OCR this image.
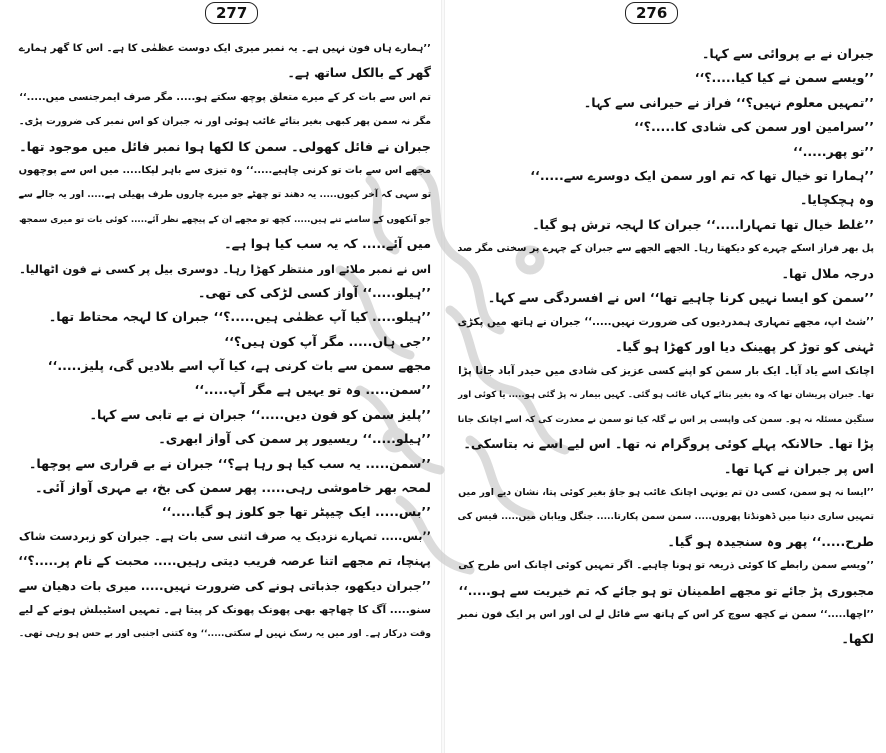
277
’’ہمارے ہاں فون نہیں ہے۔ یہ نمبر میری ایک دوست عظمٰی کا ہے۔ اس کا گھر ہمارے
گھر کے بالکل ساتھ ہے۔
تم اس سے بات کر کے میرے متعلق پوچھ سکتے ہو..... مگر صرف ایمرجنسی میں.....‘‘
مگر نہ سمن پھر کبھی بغیر بتائے غائب ہوئی اور نہ جبران کو اس نمبر کی ضرورت پڑی۔
جبران نے فائل کھولی۔ سمن کا لکھا ہوا نمبر فائل میں موجود تھا۔
مجھے اس سے بات تو کرنی چاہیے.....‘‘ وہ تیزی سے باہر لپکا..... میں اس سے پوچھوں
تو سہی کہ آخر کیوں..... یہ دھند تو چھٹے جو میرے چاروں طرف پھیلی ہے..... اور یہ جالے سے
جو آنکھوں کے سامنے تنے ہیں..... کچھ تو مجھے ان کے پیچھے نظر آئے..... کوئی بات تو میری سمجھ
میں آئے..... کہ یہ سب کیا ہوا ہے۔
اس نے نمبر ملائے اور منتظر کھڑا رہا۔ دوسری بیل پر کسی نے فون اٹھالیا۔
’’ہیلو.....‘‘ آواز کسی لڑکی کی تھی۔
’’ہیلو..... کیا آپ عظمٰی ہیں.....؟‘‘ جبران کا لہجہ محتاط تھا۔
’’جی ہاں..... مگر آپ کون ہیں؟‘‘
مجھے سمن سے بات کرنی ہے، کیا آپ اسے بلادیں گی، پلیز.....‘‘
’’سمن..... وہ تو یہیں ہے مگر آپ.....‘‘
’’پلیز سمن کو فون دیں.....‘‘ جبران نے بے تابی سے کہا۔
’’ہیلو.....‘‘ ریسیور پر سمن کی آواز ابھری۔
’’سمن..... یہ سب کیا ہو رہا ہے؟‘‘ جبران نے بے قراری سے پوچھا۔
لمحہ بھر خاموشی رہی..... پھر سمن کی بخ، بے مہری آواز آئی۔
’’بس..... ایک چیپٹر تھا جو کلوز ہو گیا.....‘‘
’’بس..... تمہارے نزدیک یہ صرف اتنی سی بات ہے۔ جبران کو زبردست شاک
پہنچا، تم مجھے اتنا عرصہ فریب دیتی رہیں..... محبت کے نام پر.....؟‘‘
’’جبران دیکھو، جذباتی ہونے کی ضرورت نہیں..... میری بات دھیان سے
سنو..... آگ کا چھاچھ بھی پھونک پھونک کر پیتا ہے۔ تمہیں اسٹیبلش ہونے کے لیے
وقت درکار ہے۔ اور میں یہ رسک نہیں لے سکتی.....‘‘ وہ کتنی اجنبی اور بے حس ہو رہی تھی۔
276
جبران نے بے پروائی سے کہا۔
’’ویسے سمن نے کیا کیا.....؟‘‘
’’تمہیں معلوم نہیں؟‘‘ فراز نے حیرانی سے کہا۔
’’سرامین اور سمن کی شادی کا.....؟‘‘
’’تو پھر.....‘‘
’’ہمارا تو خیال تھا کہ تم اور سمن ایک دوسرے سے.....‘‘
وہ ہچکچایا۔
’’غلط خیال تھا تمہارا.....‘‘ جبران کا لہجہ ترش ہو گیا۔
پل بھر فراز اسکے چہرے کو دیکھتا رہا۔ الجھے الجھے سے جبران کے چہرے پر سختی مگر صد
درجہ ملال تھا۔
’’سمن کو ایسا نہیں کرنا چاہیے تھا‘‘ اس نے افسردگی سے کہا۔
’’شٹ اپ، مجھے تمہاری ہمدردیوں کی ضرورت نہیں.....‘‘ جبران نے ہاتھ میں پکڑی
ٹہنی کو توڑ کر پھینک دیا اور کھڑا ہو گیا۔
اچانک اسے یاد آیا۔ ایک بار سمن کو اپنے کسی عزیز کی شادی میں حیدر آباد جانا پڑا
تھا۔ جبران پریشان تھا کہ وہ بغیر بتائے کہاں غائب ہو گئی۔ کہیں بیمار نہ پڑ گئی ہو..... یا کوئی اور
سنگین مسئلہ نہ ہو۔ سمن کی واپسی پر اس نے گلہ کیا تو سمن نے معذرت کی کہ اسے اچانک جانا
پڑا تھا۔ حالانکہ پہلے کوئی پروگرام نہ تھا۔ اس لیے اسے نہ بتاسکی۔
اس پر جبران نے کہا تھا۔
’’ایسا نہ ہو سمن، کسی دن تم یونہی اچانک غائب ہو جاؤ بغیر کوئی پتا، نشان دیے اور میں
تمہیں ساری دنیا میں ڈھونڈتا پھروں..... سمن سمن پکارتا..... جنگل ویابان میں..... قیس کی
طرح.....‘‘ پھر وہ سنجیدہ ہو گیا۔
’’ویسے سمن رابطے کا کوئی ذریعہ تو ہونا چاہیے۔ اگر تمہیں کوئی اچانک اس طرح کی
مجبوری پڑ جائے تو مجھے اطمینان تو ہو جائے کہ تم خیریت سے ہو.....‘‘
’’اچھا.....‘‘ سمن نے کچھ سوچ کر اس کے ہاتھ سے فائل لے لی اور اس پر ایک فون نمبر
لکھا۔
